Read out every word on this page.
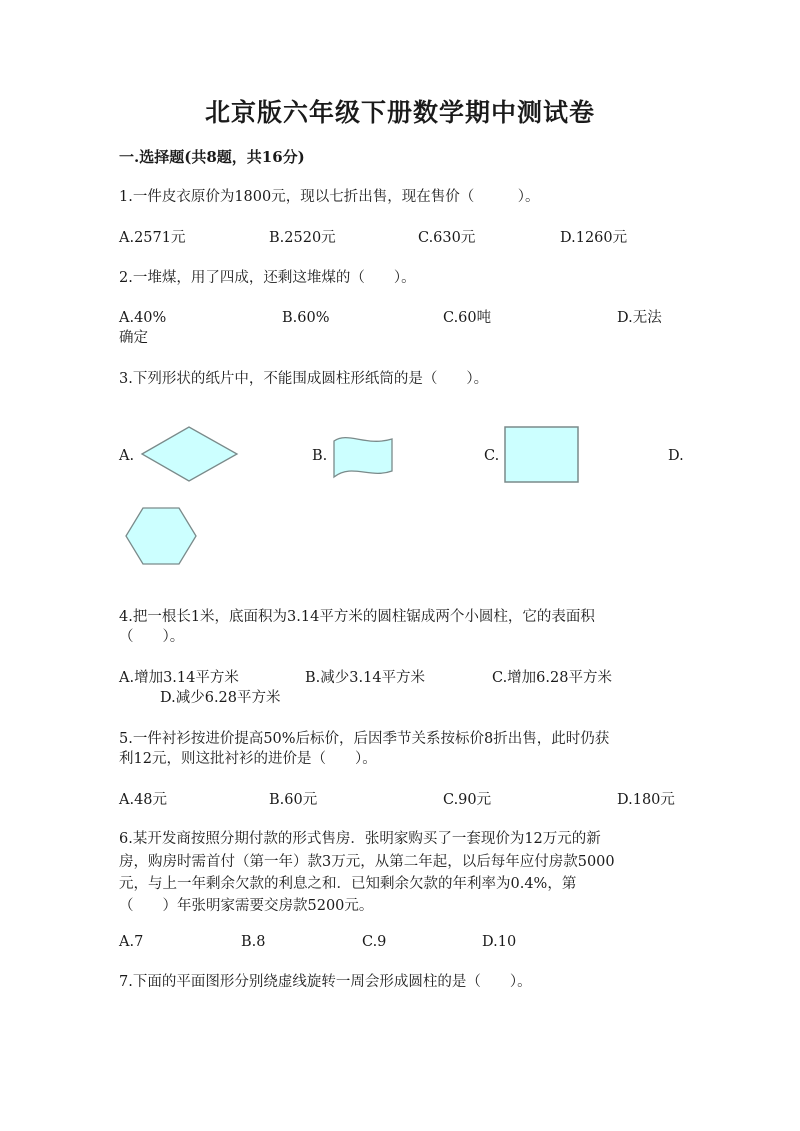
北京版六年级下册数学期中测试卷
一.选择题(共8题，共16分)
1.一件皮衣原价为1800元，现以七折出售，现在售价（　　　）。
A.2571元	B.2520元	C.630元	D.1260元
2.一堆煤，用了四成，还剩这堆煤的（　　）。
A.40%	B.60%	C.60吨	D.无法
确定
3.下列形状的纸片中，不能围成圆柱形纸筒的是（　　）。
A.	B.	C.	D.
4.把一根长1米，底面积为3.14平方米的圆柱锯成两个小圆柱，它的表面积
（　　）。
A.增加3.14平方米	B.减少3.14平方米	C.增加6.28平方米
D.减少6.28平方米
5.一件衬衫按进价提高50%后标价，后因季节关系按标价8折出售，此时仍获
利12元，则这批衬衫的进价是（　　）。
A.48元	B.60元	C.90元	D.180元
6.某开发商按照分期付款的形式售房．张明家购买了一套现价为12万元的新
房，购房时需首付（第一年）款3万元，从第二年起，以后每年应付房款5000
元，与上一年剩余欠款的利息之和．已知剩余欠款的年利率为0.4%，第
（　　）年张明家需要交房款5200元。
A.7	B.8	C.9	D.10
7.下面的平面图形分别绕虚线旋转一周会形成圆柱的是（　　）。
